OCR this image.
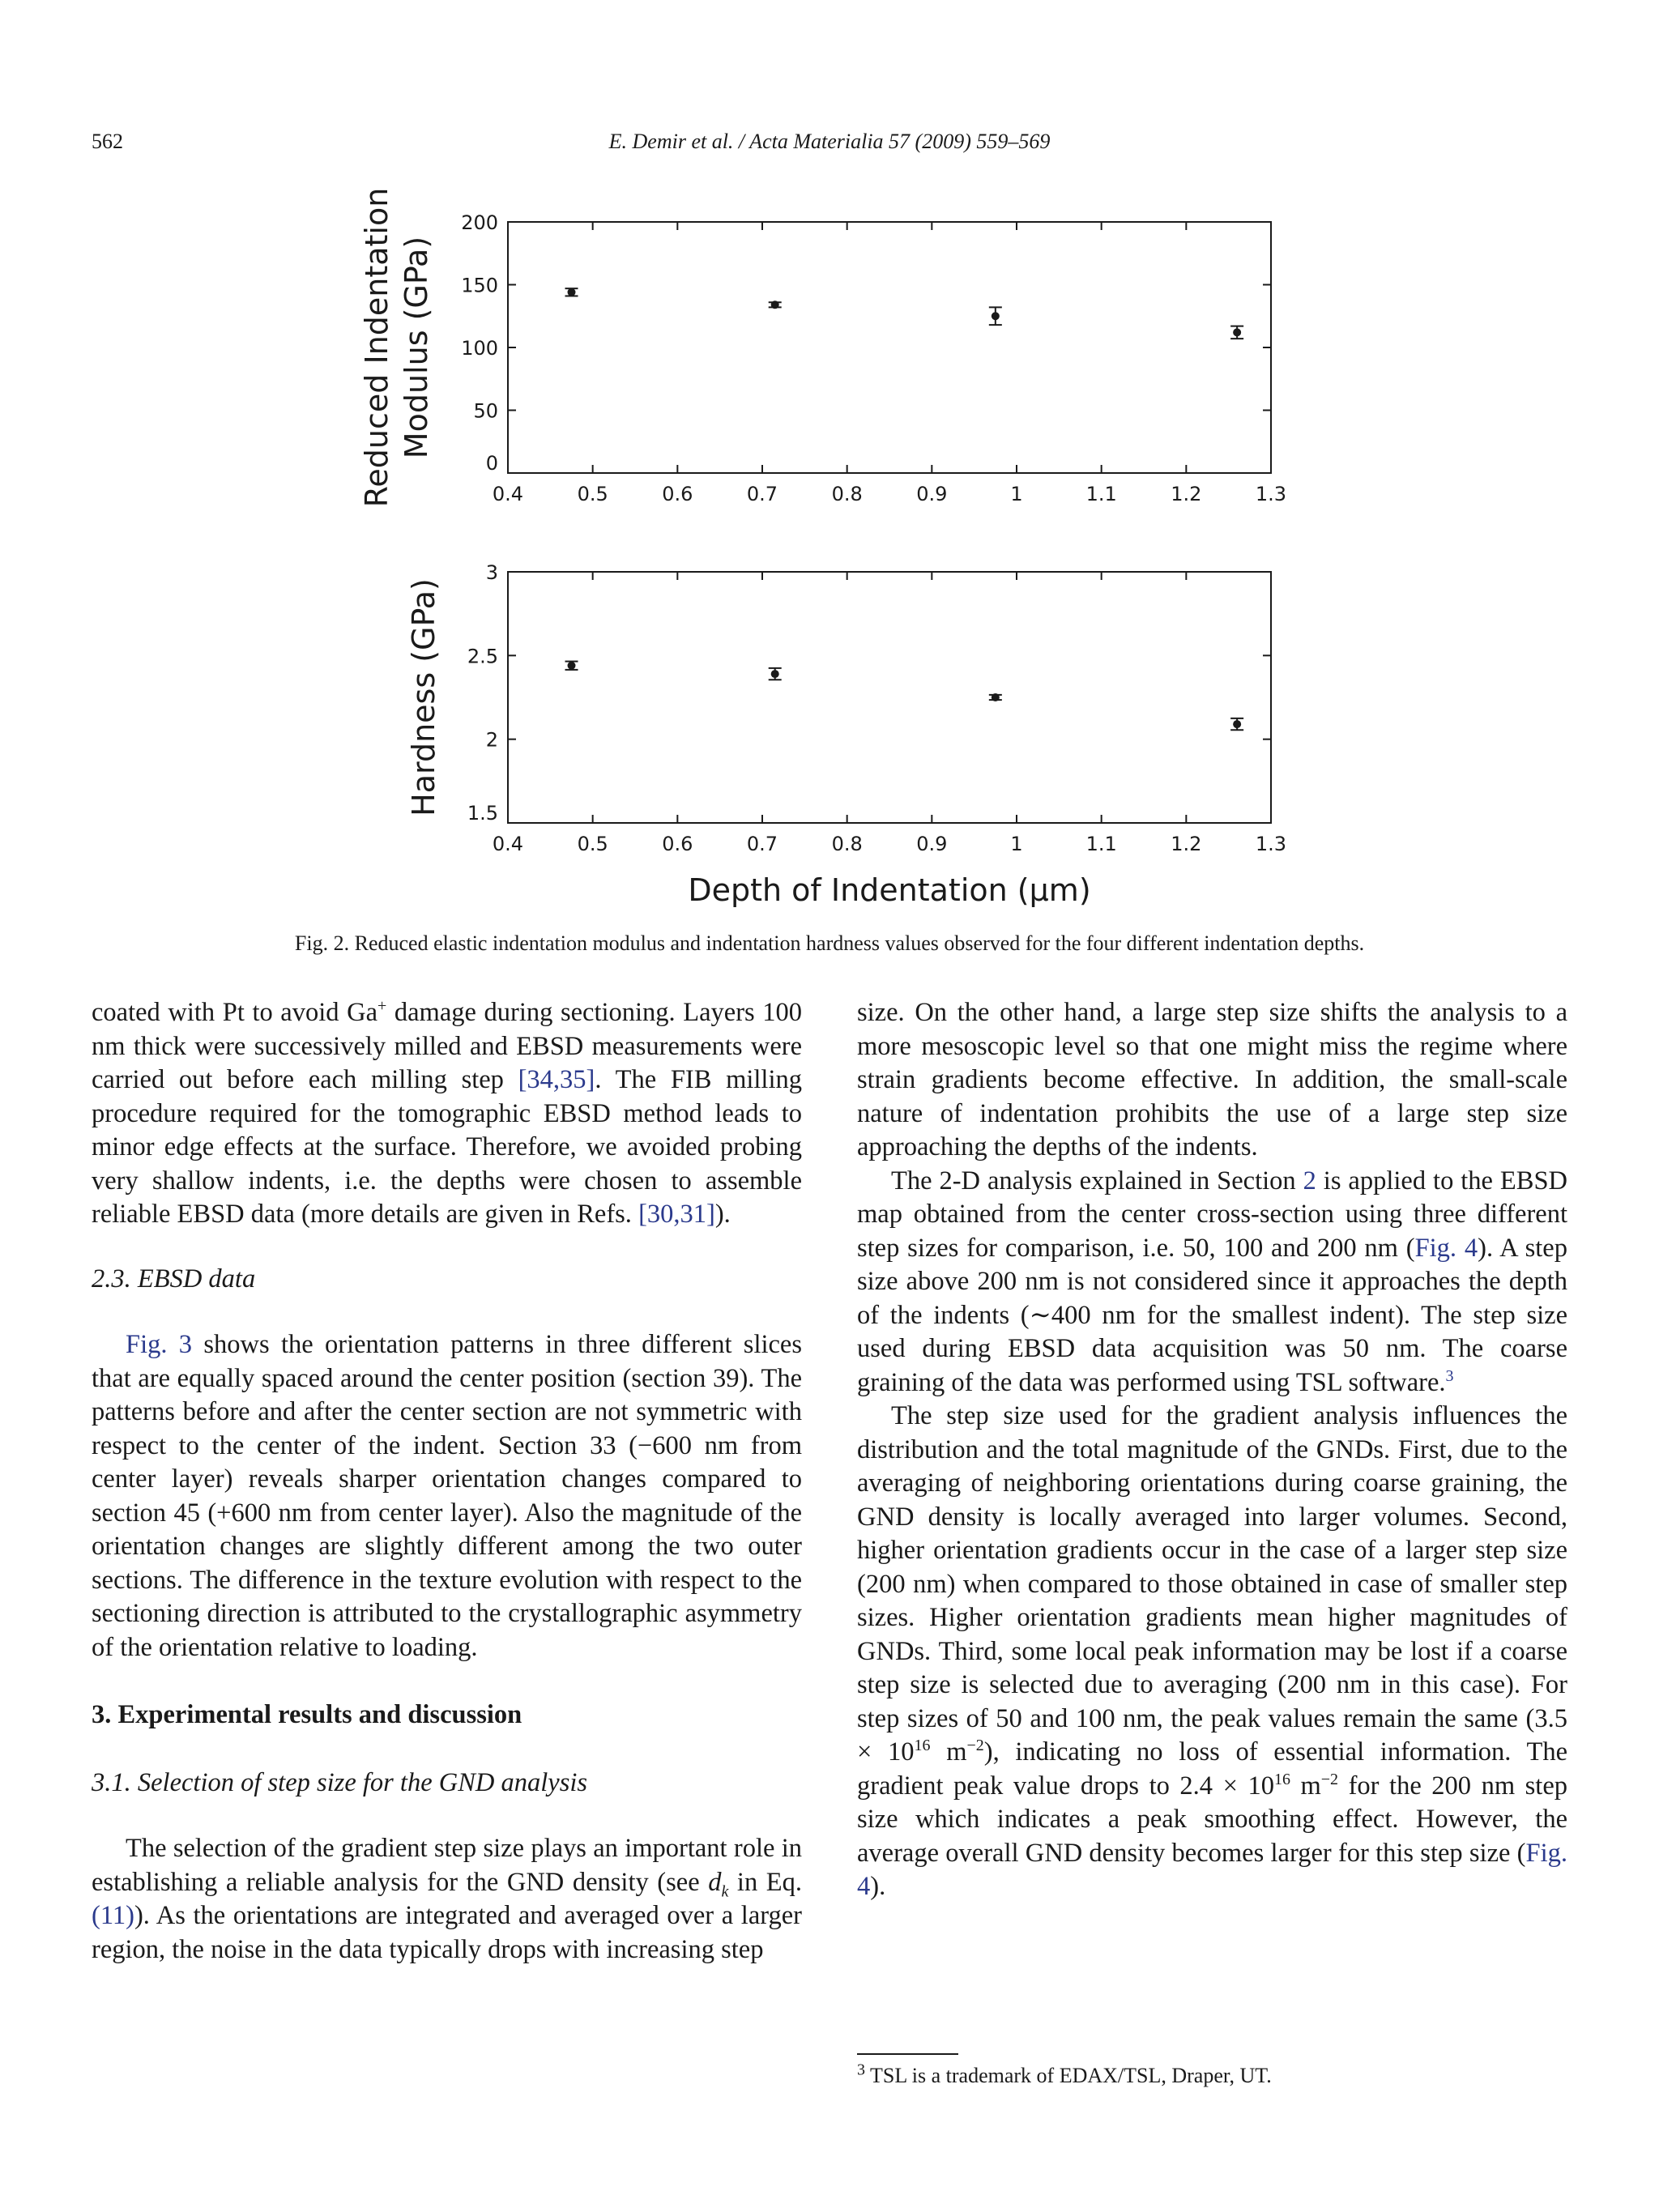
562	E. Demir et al. / Acta Materialia 57 (2009) 559–569
0.4	0.5	0.6	0.7	0.8	0.9	1	1.1	1.2	1.3
0
50
100
150
200
Reduced Indentation Modulus (GPa)
0.4	0.5	0.6	0.7	0.8	0.9	1	1.1	1.2	1.3
1.5
2
2.5
3
Hardness (GPa)
Depth of Indentation (μm)
Fig. 2. Reduced elastic indentation modulus and indentation hardness values observed for the four different indentation depths.

coated with Pt to avoid Ga+ damage during sectioning. Layers 100 nm thick were successively milled and EBSD measurements were carried out before each milling step [34,35]. The FIB milling procedure required for the tomographic EBSD method leads to minor edge effects at the surface. Therefore, we avoided probing very shallow indents, i.e. the depths were chosen to assemble reliable EBSD data (more details are given in Refs. [30,31]).

2.3. EBSD data

Fig. 3 shows the orientation patterns in three different slices that are equally spaced around the center position (section 39). The patterns before and after the center section are not symmetric with respect to the center of the indent. Section 33 (−600 nm from center layer) reveals sharper orientation changes compared to section 45 (+600 nm from center layer). Also the magnitude of the orientation changes are slightly different among the two outer sections. The difference in the texture evolution with respect to the sectioning direction is attributed to the crystallographic asymmetry of the orientation relative to loading.

3. Experimental results and discussion
3.1. Selection of step size for the GND analysis

The selection of the gradient step size plays an important role in establishing a reliable analysis for the GND density (see $d_k$ in Eq. (11)). As the orientations are integrated and averaged over a larger region, the noise in the data typically drops with increasing step

size. On the other hand, a large step size shifts the analysis to a more mesoscopic level so that one might miss the regime where strain gradients become effective. In addition, the small-scale nature of indentation prohibits the use of a large step size approaching the depths of the indents.

The 2-D analysis explained in Section 2 is applied to the EBSD map obtained from the center cross-section using three different step sizes for comparison, i.e. 50, 100 and 200 nm (Fig. 4). A step size above 200 nm is not considered since it approaches the depth of the indents (∼400 nm for the smallest indent). The step size used during EBSD data acquisition was 50 nm. The coarse graining of the data was performed using TSL software.$^3$

The step size used for the gradient analysis influences the distribution and the total magnitude of the GNDs. First, due to the averaging of neighboring orientations during coarse graining, the GND density is locally averaged into larger volumes. Second, higher orientation gradients occur in the case of a larger step size (200 nm) when compared to those obtained in case of smaller step sizes. Higher orientation gradients mean higher magnitudes of GNDs. Third, some local peak information may be lost if a coarse step size is selected due to averaging (200 nm in this case). For step sizes of 50 and 100 nm, the peak values remain the same ($3.5 \times 10^{16}$ $m^{-2}$), indicating no loss of essential information. The gradient peak value drops to $2.4 \times 10^{16}$ $m^{-2}$ for the 200 nm step size which indicates a peak smoothing effect. However, the average overall GND density becomes larger for this step size (Fig. 4).

$^3$ TSL is a trademark of EDAX/TSL, Draper, UT.
